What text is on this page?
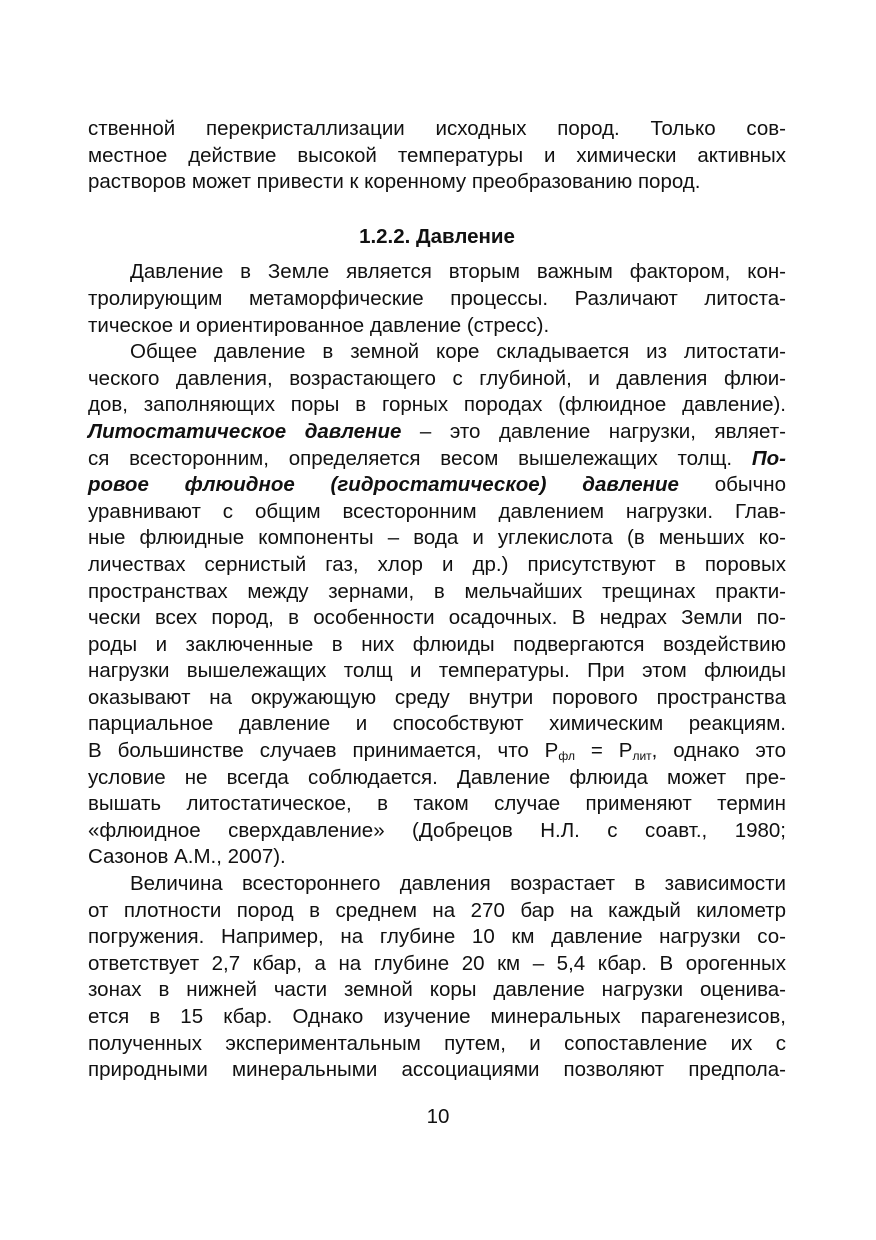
ственной перекристаллизации исходных пород. Только сов-
местное действие высокой температуры и химически активных
растворов может привести к коренному преобразованию пород.
1.2.2. Давление
Давление в Земле является вторым важным фактором, кон-
тролирующим метаморфические процессы. Различают литоста-
тическое и ориентированное давление (стресс).
Общее давление в земной коре складывается из литостати-
ческого давления, возрастающего с глубиной, и давления флюи-
дов, заполняющих поры в горных породах (флюидное давление).
Литостатическое давление – это давление нагрузки, являет-
ся всесторонним, определяется весом вышележащих толщ. По-
ровое флюидное (гидростатическое) давление обычно
уравнивают с общим всесторонним давлением нагрузки. Глав-
ные флюидные компоненты – вода и углекислота (в меньших ко-
личествах сернистый газ, хлор и др.) присутствуют в поровых
пространствах между зернами, в мельчайших трещинах практи-
чески всех пород, в особенности осадочных. В недрах Земли по-
роды и заключенные в них флюиды подвергаются воздействию
нагрузки вышележащих толщ и температуры. При этом флюиды
оказывают на окружающую среду внутри порового пространства
парциальное давление и способствуют химическим реакциям.
В большинстве случаев принимается, что $Р_{фл} = Р_{лит}$, однако это
условие не всегда соблюдается. Давление флюида может пре-
вышать литостатическое, в таком случае применяют термин
«флюидное сверхдавление» (Добрецов Н.Л. с соавт., 1980;
Сазонов А.М., 2007).
Величина всестороннего давления возрастает в зависимости
от плотности пород в среднем на 270 бар на каждый километр
погружения. Например, на глубине 10 км давление нагрузки со-
ответствует 2,7 кбар, а на глубине 20 км – 5,4 кбар. В орогенных
зонах в нижней части земной коры давление нагрузки оценива-
ется в 15 кбар. Однако изучение минеральных парагенезисов,
полученных экспериментальным путем, и сопоставление их с
природными минеральными ассоциациями позволяют предпола-
10
